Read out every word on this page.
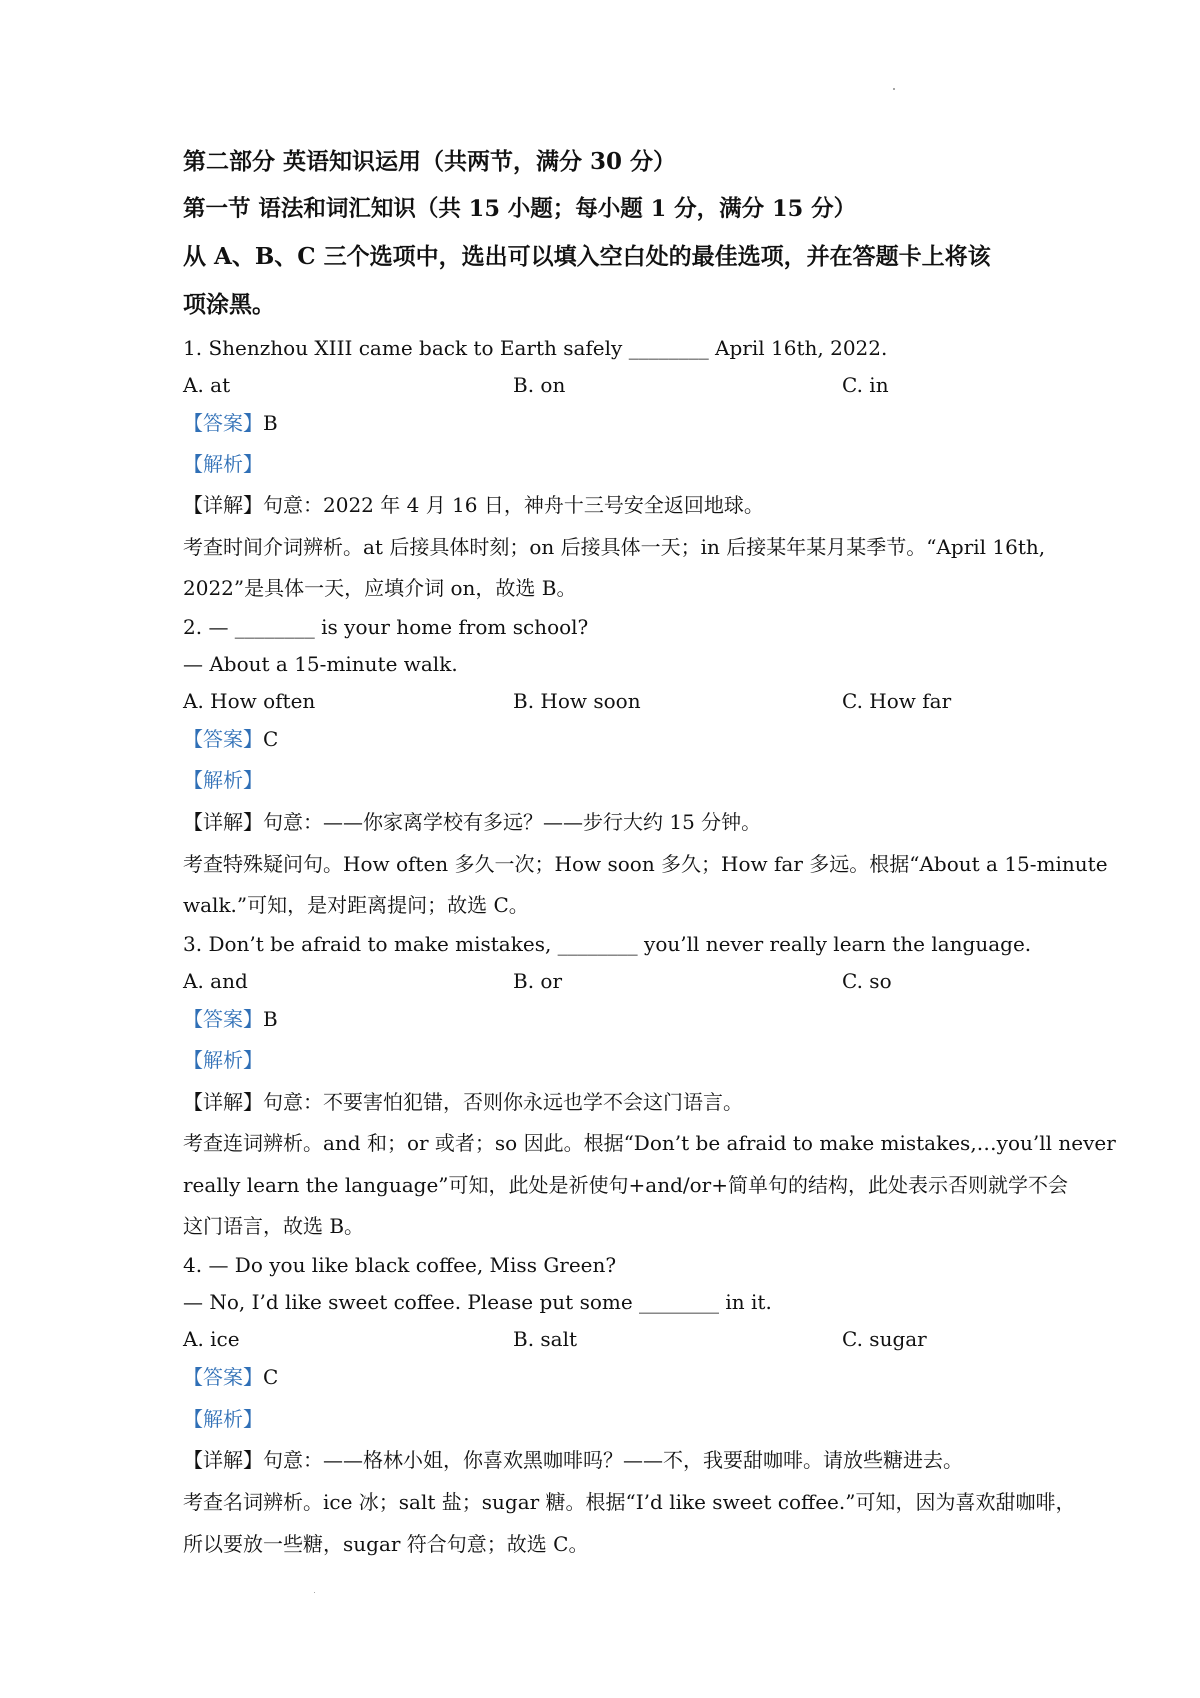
第二部分 英语知识运用（共两节，满分 30 分）
第一节 语法和词汇知识（共 15 小题；每小题 1 分，满分 15 分）
从 A、B、C 三个选项中，选出可以填入空白处的最佳选项，并在答题卡上将该
项涂黑。
1. Shenzhou XIII came back to Earth safely ________ April 16th, 2022.
A. at	B. on	C. in
【答案】B
【解析】
【详解】句意：2022 年 4 月 16 日，神舟十三号安全返回地球。
考查时间介词辨析。at 后接具体时刻；on 后接具体一天；in 后接某年某月某季节。“April 16th,
2022”是具体一天，应填介词 on，故选 B。
2. — ________ is your home from school?
— About a 15-minute walk.
A. How often	B. How soon	C. How far
【答案】C
【解析】
【详解】句意：——你家离学校有多远？——步行大约 15 分钟。
考查特殊疑问句。How often 多久一次；How soon 多久；How far 多远。根据“About a 15-minute
walk.”可知，是对距离提问；故选 C。
3. Don’t be afraid to make mistakes, ________ you’ll never really learn the language.
A. and	B. or	C. so
【答案】B
【解析】
【详解】句意：不要害怕犯错，否则你永远也学不会这门语言。
考查连词辨析。and 和；or 或者；so 因此。根据“Don’t be afraid to make mistakes,…you’ll never
really learn the language”可知，此处是祈使句+and/or+简单句的结构，此处表示否则就学不会
这门语言，故选 B。
4. — Do you like black coffee, Miss Green?
— No, I’d like sweet coffee. Please put some ________ in it.
A. ice	B. salt	C. sugar
【答案】C
【解析】
【详解】句意：——格林小姐，你喜欢黑咖啡吗？——不，我要甜咖啡。请放些糖进去。
考查名词辨析。ice 冰；salt 盐；sugar 糖。根据“I’d like sweet coffee.”可知，因为喜欢甜咖啡，
所以要放一些糖，sugar 符合句意；故选 C。
